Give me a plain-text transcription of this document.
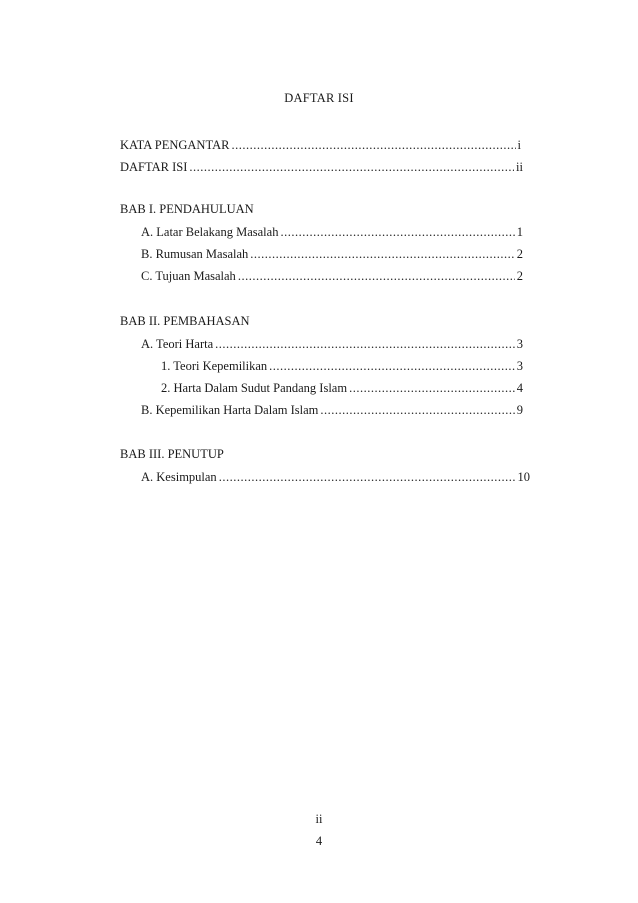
DAFTAR ISI
KATA PENGANTAR .....	i
DAFTAR ISI .....	ii
BAB I. PENDAHULUAN
A. Latar Belakang Masalah .....	1
B. Rumusan Masalah .....	2
C. Tujuan Masalah .....	2
BAB II. PEMBAHASAN
A. Teori Harta .....	3
1. Teori Kepemilikan .....	3
2. Harta Dalam Sudut Pandang Islam .....	4
B. Kepemilikan Harta Dalam Islam .....	9
BAB III. PENUTUP
A. Kesimpulan .....	10
ii
4
